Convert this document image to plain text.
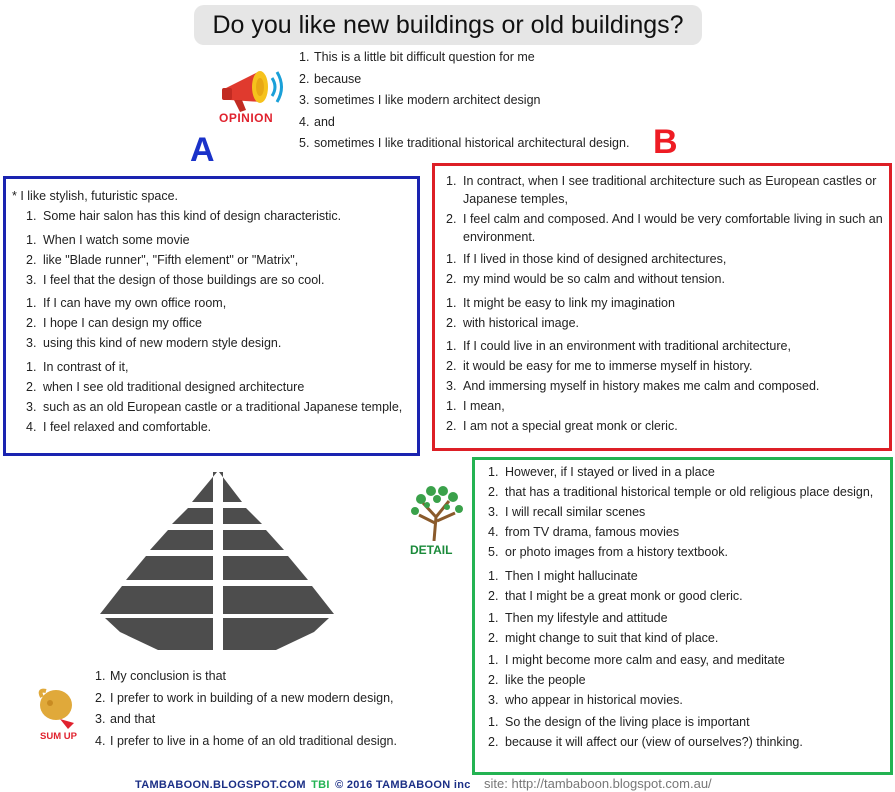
Do you like new buildings or old buildings?
OPINION
1. This is a little bit difficult question for me
2. because
3. sometimes I like modern architect design
4. and
5. sometimes I like traditional historical architectural design.
A	B
* I like stylish, futuristic space.
1. Some hair salon has this kind of design characteristic.
1. When I watch some movie
2. like "Blade runner", "Fifth element" or "Matrix",
3. I feel that the design of those buildings are so cool.
1. If I can have my own office room,
2. I hope I can design my office
3. using this kind of new modern style design.
1. In contrast of it,
2. when I see old traditional designed architecture
3. such as an old European castle or a traditional Japanese temple,
4. I feel relaxed and comfortable.
1. In contract, when I see traditional architecture such as European castles or Japanese temples,
2. I feel calm and composed. And I would be very comfortable living in such an environment.
1. If I lived in those kind of designed architectures,
2. my mind would be so calm and without tension.
1. It might be easy to link my imagination
2. with historical image.
1. If I could live in an environment with traditional architecture,
2. it would be easy for me to immerse myself in history.
3. And immersing myself in history makes me calm and composed.
1. I mean,
2. I am not a special great monk or cleric.
DETAIL
1. However, if I stayed or lived in a place
2. that has a traditional historical temple or old religious place design,
3. I will recall similar scenes
4. from TV drama, famous movies
5. or photo images from a history textbook.
1. Then I might hallucinate
2. that I might be a great monk or good cleric.
1. Then my lifestyle and attitude
2. might change to suit that kind of place.
1. I might become more calm and easy, and meditate
2. like the people
3. who appear in historical movies.
1. So the design of the living place is important
2. because it will affect our (view of ourselves?) thinking.
SUM UP
1. My conclusion is that
2. I prefer to work in building of a new modern design,
3. and that
4. I prefer to live in a home of an old traditional design.
TAMBABOON.BLOGSPOT.COM TBI © 2016 TAMBABOON inc site: http://tambaboon.blogspot.com.au/
